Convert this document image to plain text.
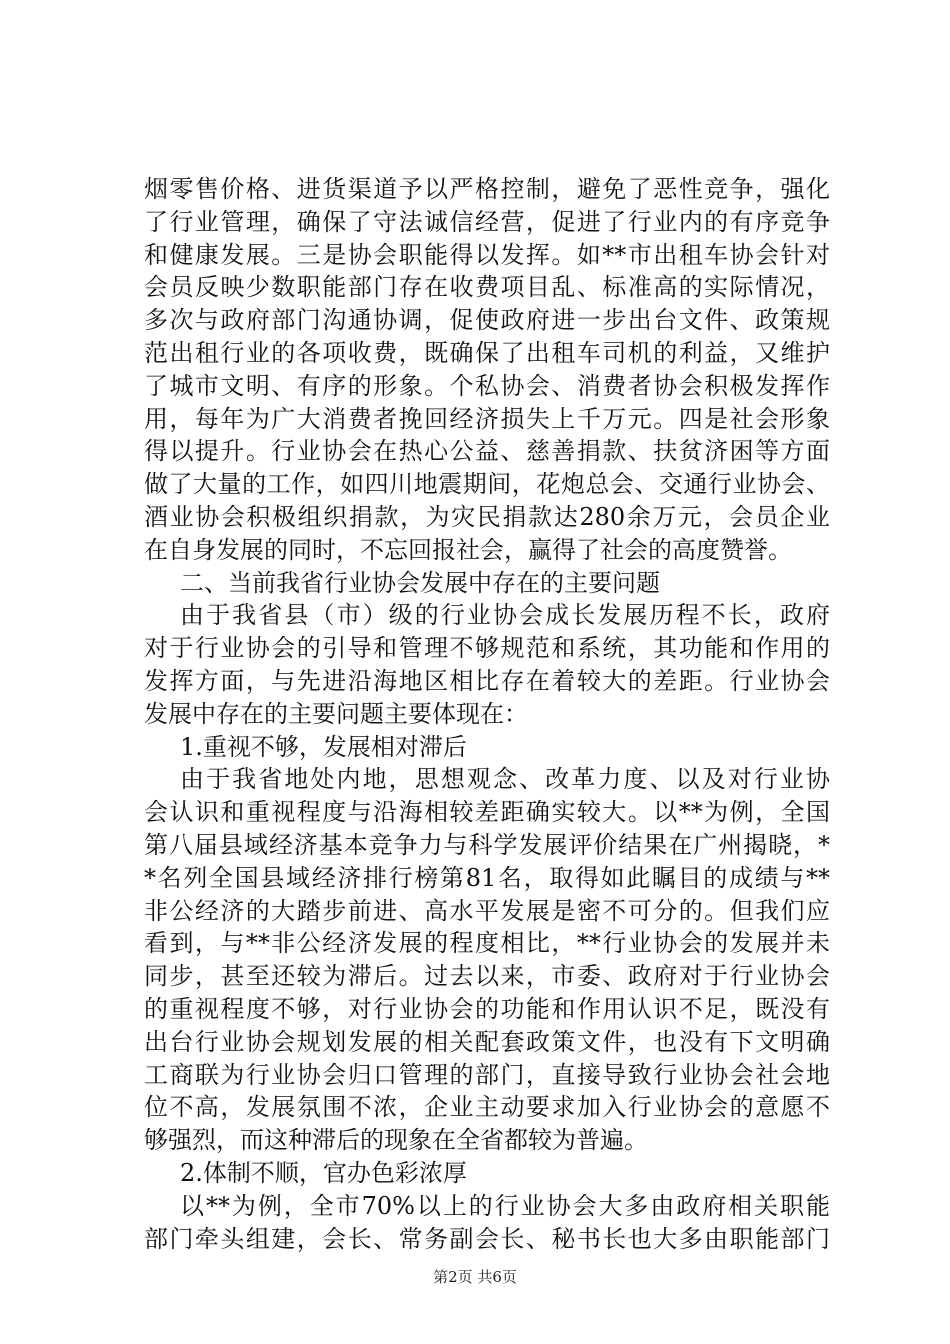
烟零售价格、进货渠道予以严格控制，避免了恶性竞争，强化
了行业管理，确保了守法诚信经营，促进了行业内的有序竞争
和健康发展。三是协会职能得以发挥。如**市出租车协会针对
会员反映少数职能部门存在收费项目乱、标准高的实际情况，
多次与政府部门沟通协调，促使政府进一步出台文件、政策规
范出租行业的各项收费，既确保了出租车司机的利益，又维护
了城市文明、有序的形象。个私协会、消费者协会积极发挥作
用，每年为广大消费者挽回经济损失上千万元。四是社会形象
得以提升。行业协会在热心公益、慈善捐款、扶贫济困等方面
做了大量的工作，如四川地震期间，花炮总会、交通行业协会、
酒业协会积极组织捐款，为灾民捐款达280余万元，会员企业
在自身发展的同时，不忘回报社会，赢得了社会的高度赞誉。
二、当前我省行业协会发展中存在的主要问题
由于我省县（市）级的行业协会成长发展历程不长，政府
对于行业协会的引导和管理不够规范和系统，其功能和作用的
发挥方面，与先进沿海地区相比存在着较大的差距。行业协会
发展中存在的主要问题主要体现在：
1.重视不够，发展相对滞后
由于我省地处内地，思想观念、改革力度、以及对行业协
会认识和重视程度与沿海相较差距确实较大。以**为例，全国
第八届县域经济基本竞争力与科学发展评价结果在广州揭晓，*
*名列全国县域经济排行榜第81名，取得如此瞩目的成绩与**
非公经济的大踏步前进、高水平发展是密不可分的。但我们应
看到，与**非公经济发展的程度相比，**行业协会的发展并未
同步，甚至还较为滞后。过去以来，市委、政府对于行业协会
的重视程度不够，对行业协会的功能和作用认识不足，既没有
出台行业协会规划发展的相关配套政策文件，也没有下文明确
工商联为行业协会归口管理的部门，直接导致行业协会社会地
位不高，发展氛围不浓，企业主动要求加入行业协会的意愿不
够强烈，而这种滞后的现象在全省都较为普遍。
2.体制不顺，官办色彩浓厚
以**为例，全市70%以上的行业协会大多由政府相关职能
部门牵头组建，会长、常务副会长、秘书长也大多由职能部门
第2页 共6页
